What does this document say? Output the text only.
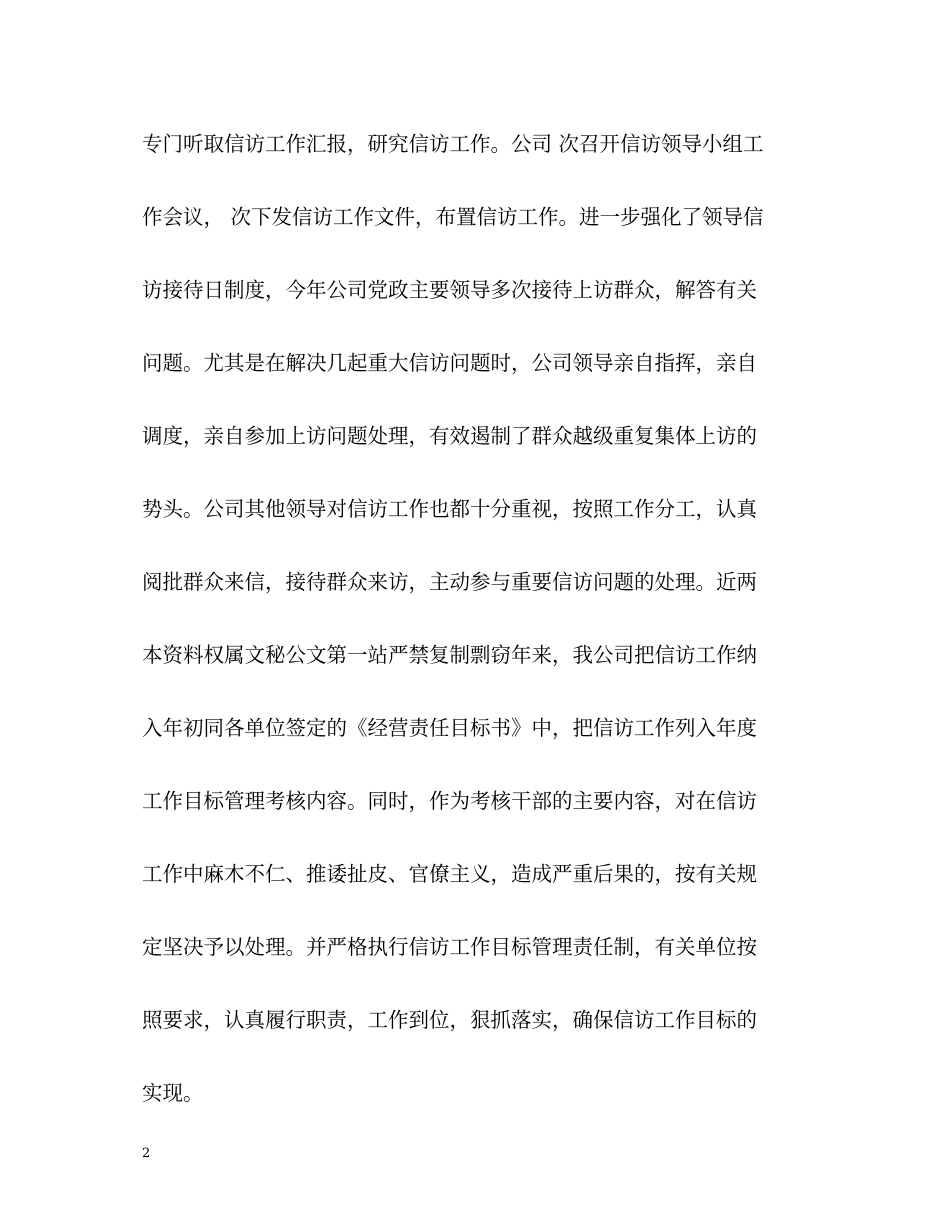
专门听取信访工作汇报，研究信访工作。公司 次召开信访领导小组工
作会议， 次下发信访工作文件，布置信访工作。进一步强化了领导信
访接待日制度，今年公司党政主要领导多次接待上访群众，解答有关
问题。尤其是在解决几起重大信访问题时，公司领导亲自指挥，亲自
调度，亲自参加上访问题处理，有效遏制了群众越级重复集体上访的
势头。公司其他领导对信访工作也都十分重视，按照工作分工，认真
阅批群众来信，接待群众来访，主动参与重要信访问题的处理。近两
本资料权属文秘公文第一站严禁复制剽窃年来，我公司把信访工作纳
入年初同各单位签定的《经营责任目标书》中，把信访工作列入年度
工作目标管理考核内容。同时，作为考核干部的主要内容，对在信访
工作中麻木不仁、推诿扯皮、官僚主义，造成严重后果的，按有关规
定坚决予以处理。并严格执行信访工作目标管理责任制，有关单位按
照要求，认真履行职责，工作到位，狠抓落实，确保信访工作目标的
实现。
2
